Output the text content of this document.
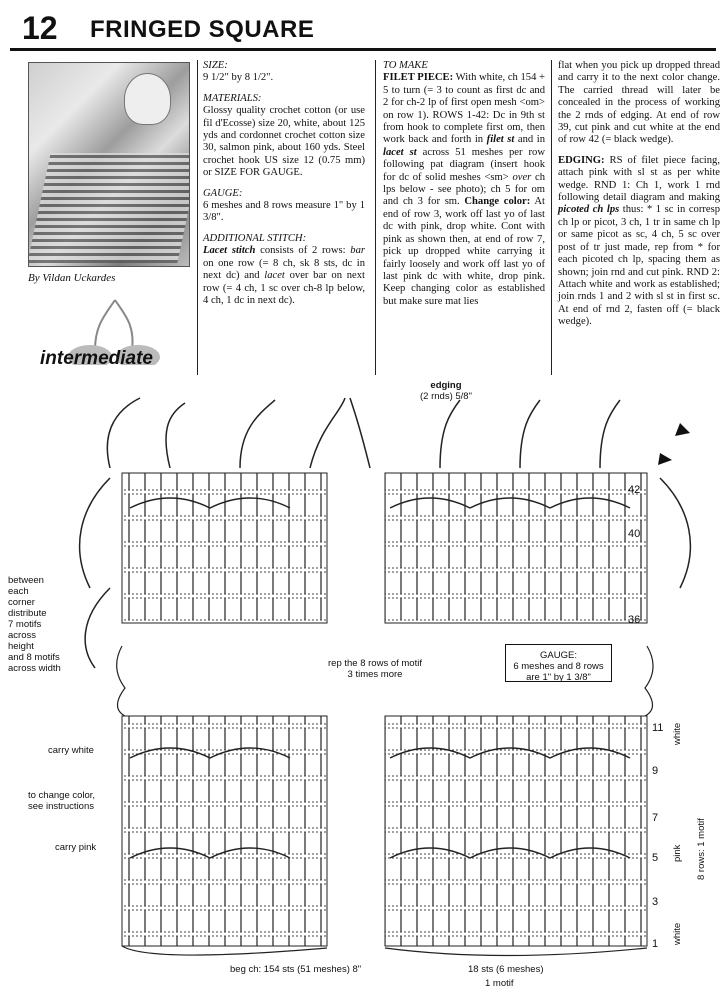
12 FRINGED SQUARE
By Vildan Uckardes
intermediate
SIZE:
9 1/2" by 8 1/2".
MATERIALS:
Glossy quality crochet cotton (or use fil d'Ecosse) size 20, white, about 125 yds and cordonnet crochet cotton size 30, salmon pink, about 160 yds. Steel crochet hook US size 12 (0.75 mm) or SIZE FOR GAUGE.
GAUGE:
6 meshes and 8 rows measure 1" by 1 3/8".
ADDITIONAL STITCH:
Lacet stitch consists of 2 rows: bar on one row (= 8 ch, sk 8 sts, dc in next dc) and lacet over bar on next row (= 4 ch, 1 sc over ch-8 lp below, 4 ch, 1 dc in next dc).
TO MAKE
FILET PIECE: With white, ch 154 + 5 to turn (= 3 to count as first dc and 2 for ch-2 lp of first open mesh <om> on row 1). ROWS 1-42: Dc in 9th st from hook to complete first om, then work back and forth in filet st and in lacet st across 51 meshes per row following pat diagram (insert hook for dc of solid meshes <sm> over ch lps below - see photo); ch 5 for om and ch 3 for sm. Change color: At end of row 3, work off last yo of last dc with pink, drop white. Cont with pink as shown then, at end of row 7, pick up dropped white carrying it fairly loosely and work off last yo of last pink dc with white, drop pink. Keep changing color as established but make sure mat lies
flat when you pick up dropped thread and carry it to the next color change. The carried thread will later be concealed in the process of working the 2 rnds of edging. At end of row 39, cut pink and cut white at the end of row 42 (= black wedge).
EDGING: RS of filet piece facing, attach pink with sl st as per white wedge. RND 1: Ch 1, work 1 rnd following detail diagram and making picoted ch lps thus: * 1 sc in corresp ch lp or picot, 3 ch, 1 tr in same ch lp or same picot as sc, 4 ch, 5 sc over post of tr just made, rep from * for each picoted ch lp, spacing them as shown; join rnd and cut pink. RND 2: Attach white and work as established; join rnds 1 and 2 with sl st in first sc. At end of rnd 2, fasten off (= black wedge).
edging
(2 rnds) 5/8"
between
each
corner
distribute
7 motifs
across
height
and 8 motifs
across width	rep the 8 rows of motif
3 times more
GAUGE:
6 meshes and 8 rows
are 1" by 1 3/8"
carry white
to change color,
see instructions
carry pink
beg ch: 154 sts (51 meshes) 8"	18 sts (6 meshes)
1 motif
42
40
36
11
9
7
5
3
1
white
pink
white
8 rows: 1 motif
